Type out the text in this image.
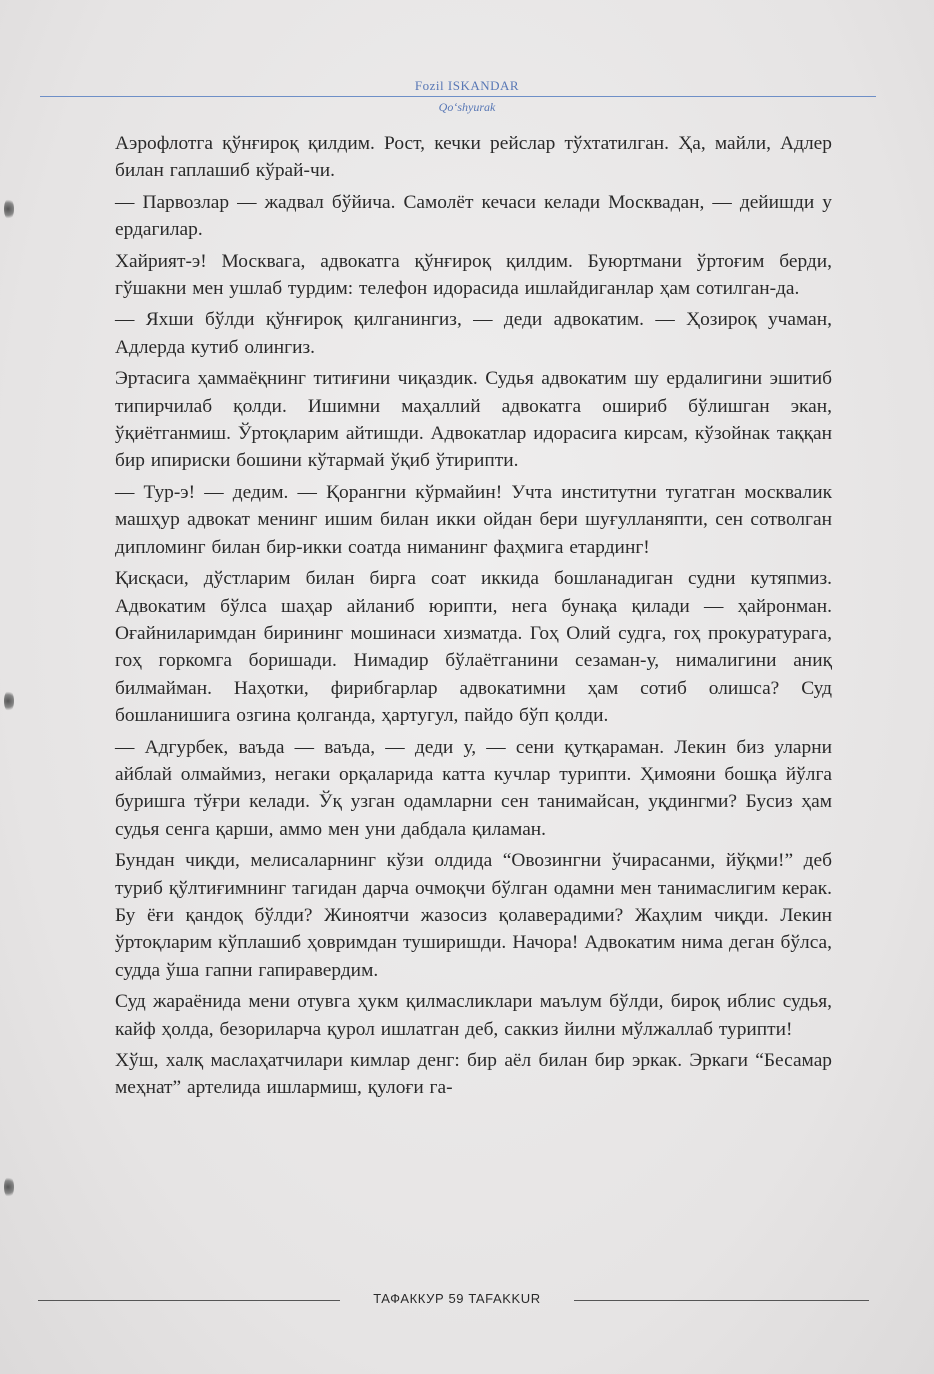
Fozil ISKANDAR
Qo‘shyurak

Аэрофлотга қўнғироқ қилдим. Рост, кечки рейслар тўхтатилган. Ҳа, майли, Адлер билан гаплашиб кўрай-чи.

— Парвозлар — жадвал бўйича. Самолёт кечаси келади Москвадан, — дейишди у ердагилар.

Хайрият-э! Москвага, адвокатга қўнғироқ қилдим. Буюртмани ўртоғим берди, гўшакни мен ушлаб турдим: телефон идорасида ишлайдиганлар ҳам сотилган-да.

— Яхши бўлди қўнғироқ қилганингиз, — деди адвокатим. — Ҳозироқ учаман, Адлерда кутиб олингиз.

Эртасига ҳаммаёқнинг титиғини чиқаздик. Судья адвокатим шу ердалигини эшитиб типирчилаб қолди. Ишимни маҳаллий адвокатга ошириб бўлишган экан, ўқиётганмиш. Ўртоқларим айтишди. Адвокатлар идорасига кирсам, кўзойнак таққан бир ипириски бошини кўтармай ўқиб ўтирипти.

— Тур-э! — дедим. — Қорангни кўрмайин! Учта институтни тугатган москвалик машҳур адвокат менинг ишим билан икки ойдан бери шуғулланяпти, сен сотволган дипломинг билан бир-икки соатда ниманинг фаҳмига етардинг!

Қисқаси, дўстларим билан бирга соат иккида бошланадиган судни кутяпмиз. Адвокатим бўлса шаҳар айланиб юрипти, нега бунақа қилади — ҳайронман. Оғайниларимдан бирининг мошинаси хизматда. Гоҳ Олий судга, гоҳ прокуратурага, гоҳ горкомга боришади. Нимадир бўлаётганини сезаман-у, нималигини аниқ билмайман. Наҳотки, фирибгарлар адвокатимни ҳам сотиб олишса? Суд бошланишига озгина қолганда, ҳартугул, пайдо бўп қолди.

— Адгурбек, ваъда — ваъда, — деди у, — сени қутқараман. Лекин биз уларни айблай олмаймиз, негаки орқаларида катта кучлар турипти. Ҳимояни бошқа йўлга буришга тўғри келади. Ўқ узган одамларни сен танимайсан, уқдингми? Бусиз ҳам судья сенга қарши, аммо мен уни дабдала қиламан.

Бундан чиқди, мелисаларнинг кўзи олдида “Овозингни ўчирасанми, йўқми!” деб туриб қўлтиғимнинг тагидан дарча очмоқчи бўлган одамни мен танимаслигим керак. Бу ёғи қандоқ бўлди? Жиноятчи жазосиз қолаверадими? Жаҳлим чиқди. Лекин ўртоқларим кўплашиб ҳовримдан туширишди. Начора! Адвокатим нима деган бўлса, судда ўша гапни гапиравердим.

Суд жараёнида мени отувга ҳукм қилмасликлари маълум бўлди, бироқ иблис судья, кайф ҳолда, безориларча қурол ишлатган деб, саккиз йилни мўлжаллаб турипти!

Хўш, халқ маслаҳатчилари кимлар денг: бир аёл билан бир эркак. Эркаги “Бесамар меҳнат” артелида ишлармиш, қулоғи га-

ТАФАККУР 59 TAFAKKUR
